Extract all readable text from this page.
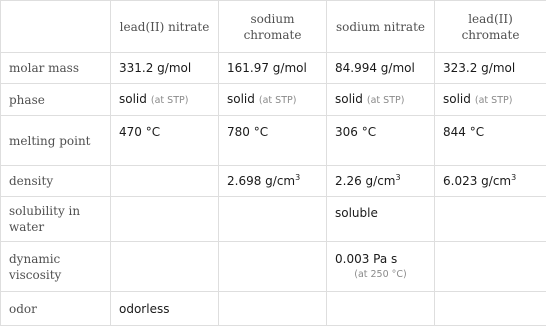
	lead(II) nitrate	sodium chromate	sodium nitrate	lead(II) chromate
molar mass	331.2 g/mol	161.97 g/mol	84.994 g/mol	323.2 g/mol
phase	solid (at STP)	solid (at STP)	solid (at STP)	solid (at STP)
melting point	470 °C	780 °C	306 °C	844 °C
density		2.698 $g/cm^3$	2.26 $g/cm^3$	6.023 $g/cm^3$
solubility in water			soluble	
dynamic viscosity			0.003 Pa s
(at 250 °C)	

odor	odorless			
